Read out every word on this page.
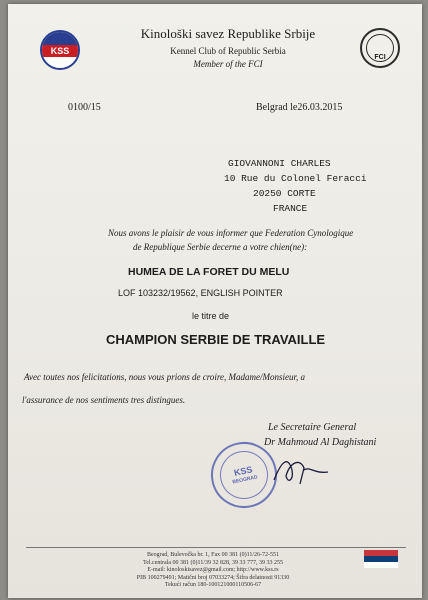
KSS
Kinološki savez Republike Srbije
Kennel Club of Republic Serbia
Member of the FCI
FCI
0100/15	Belgrad le26.03.2015
GIOVANNONI CHARLES
10 Rue du Colonel Feracci
20250 CORTE
FRANCE
Nous avons le plaisir de vous informer que Federation Cynologique
de Republique Serbie decerne a votre chien(ne):
HUMEA DE LA FORET DU MELU
LOF 103232/19562, ENGLISH POINTER
le titre de
CHAMPION SERBIE DE TRAVAILLE
Avec toutes nos felicitations, nous vous prions de croire, Madame/Monsieur, a
l'assurance de nos sentiments tres distingues.
Le Secretaire General
Dr Mahmoud Al Daghistani
KSS
BEOGRAD
Beograd, Bulevočka br. 1, Fax 00 381 (0)11/26-72-551
Tel.centrala 00 381 (0)11/39 32 828, 39 33 777, 39 33 255
E-mail: kinoloskisavez@gmail.com; http://www.kss.rs
PIB 100279491; Matični broj 07033274; Šifra delatnosti 91330
Tekući račun 180-100121000110506-67
